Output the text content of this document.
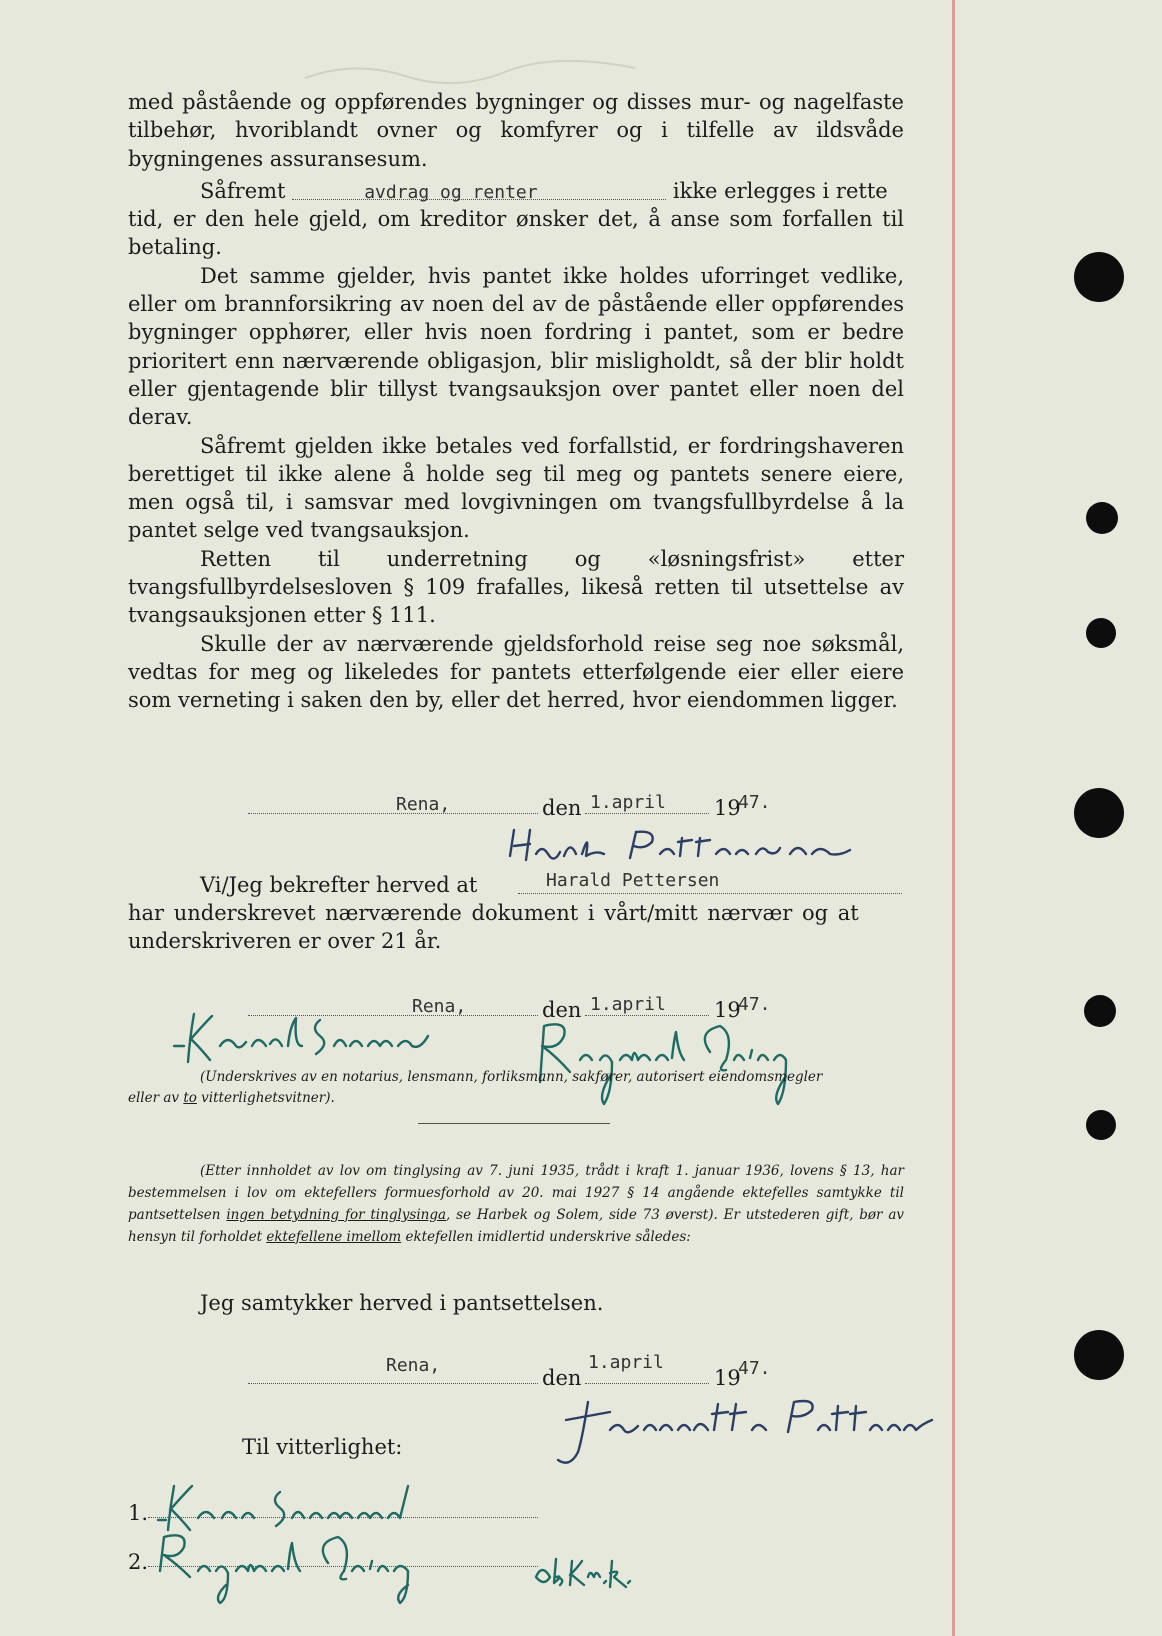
med påstående og oppførendes bygninger og disses mur- og nagelfaste tilbehør, hvoriblandt ovner og komfyrer og i tilfelle av ildsvåde bygningenes assuransesum.

Såfremt	avdrag og renter	ikke erlegges i rette

tid, er den hele gjeld, om kreditor ønsker det, å anse som forfallen til betaling.

Det samme gjelder, hvis pantet ikke holdes uforringet vedlike, eller om brannforsikring av noen del av de påstående eller oppførendes bygninger opphører, eller hvis noen fordring i pantet, som er bedre prioritert enn nærværende obligasjon, blir misligholdt, så der blir holdt eller gjentagende blir tillyst tvangsauksjon over pantet eller noen del derav.

Såfremt gjelden ikke betales ved forfallstid, er fordringshaveren berettiget til ikke alene å holde seg til meg og pantets senere eiere, men også til, i samsvar med lovgivningen om tvangsfullbyrdelse å la pantet selge ved tvangsauksjon.

Retten til underretning og «løsningsfrist» etter tvangsfullbyrdelsesloven § 109 frafalles, likeså retten til utsettelse av tvangsauksjonen etter § 111.

Skulle der av nærværende gjeldsforhold reise seg noe søksmål, vedtas for meg og likeledes for pantets etterfølgende eier eller eiere som verneting i saken den by, eller det herred, hvor eiendommen ligger.

Rena,	den 1.april 19
47.
Vi/Jeg bekrefter herved at	Harald Pettersen
har underskrevet nærværende dokument i vårt/mitt nærvær og at
underskriveren er over 21 år.
Rena,	den 1.april 19
47.
(Underskrives av en notarius, lensmann, forliksmann, sakfører, autorisert eiendomsmegler
eller av to vitterlighetsvitner).

(Etter innholdet av lov om tinglysing av 7. juni 1935, trådt i kraft 1. januar 1936, lovens § 13, har bestemmelsen i lov om ektefellers formuesforhold av 20. mai 1927 § 14 angående ektefelles samtykke til pantsettelsen ingen betydning for tinglysinga, se Harbek og Solem, side 73 øverst). Er utstederen gift, bør av hensyn til forholdet ektefellene imellom ektefellen imidlertid underskrive således:

Jeg samtykker herved i pantsettelsen.
Rena,
den
1.april
19
47.
Til vitterlighet:
1.
2.
